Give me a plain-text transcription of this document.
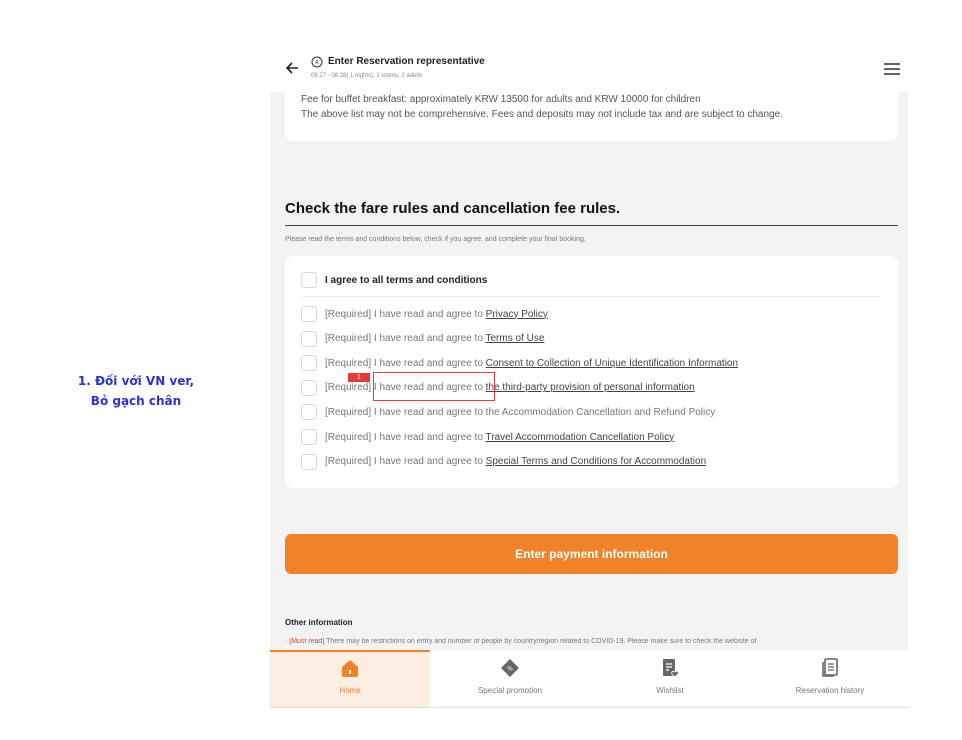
1. Đối với VN ver,
Bỏ gạch chân
R Enter Reservation representative
08.27 - 08.28( 1 nights), 1 rooms, 2 adults
Fee for buffet breakfast: approximately KRW 13500 for adults and KRW 10000 for children
The above list may not be comprehensive. Fees and deposits may not include tax and are subject to change.
Check the fare rules and cancellation fee rules.
Please read the terms and conditions below, check if you agree, and complete your final booking.
I agree to all terms and conditions
[Required] I have read and agree to Privacy Policy
[Required] I have read and agree to Terms of Use
[Required] I have read and agree to Consent to Collection of Unique Identification Information
[Required] I have read and agree to the third-party provision of personal information
[Required] I have read and agree to the Accommodation Cancellation and Refund Policy
[Required] I have read and agree to Travel Accommodation Cancellation Policy
[Required] I have read and agree to Special Terms and Conditions for Accommodation
1
Enter payment information
Other information
· [Must read] There may be restrictions on entry and number of people by country/region related to COVID-19. Please make sure to check the website of
Home
%
Special promotion	Wishlist	Reservation history
